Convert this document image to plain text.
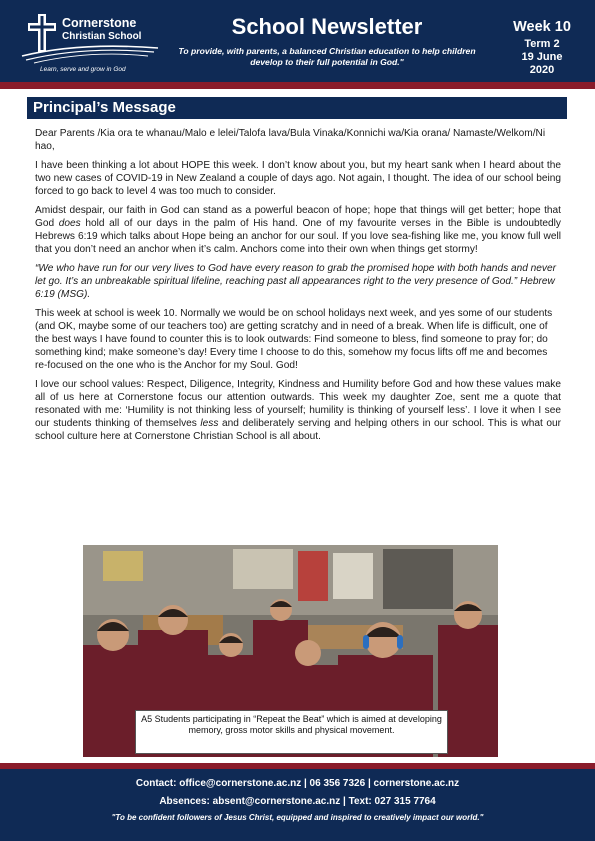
Cornerstone
Christian School
Learn, serve and grow in God
School Newsletter
To provide, with parents, a balanced Christian education to help children develop to their full potential in God."
Week 10
Term 2
19 June
2020
Principal’s Message

Dear Parents /Kia ora te whanau/Malo e lelei/Talofa lava/Bula Vinaka/Konnichi wa/Kia orana/ Namaste/Welkom/Ni hao,

I have been thinking a lot about HOPE this week. I don’t know about you, but my heart sank when I heard about the two new cases of COVID-19 in New Zealand a couple of days ago. Not again, I thought. The idea of our school being forced to go back to level 4 was too much to consider.

Amidst despair, our faith in God can stand as a powerful beacon of hope; hope that things will get better; hope that God does hold all of our days in the palm of His hand. One of my favourite verses in the Bible is undoubtedly Hebrews 6:19 which talks about Hope being an anchor for our soul. If you love sea-fishing like me, you know full well that you don’t need an anchor when it’s calm. Anchors come into their own when things get stormy!

“We who have run for our very lives to God have every reason to grab the promised hope with both hands and never let go. It’s an unbreakable spiritual lifeline, reaching past all appearances right to the very presence of God.” Hebrew 6:19 (MSG).

This week at school is week 10. Normally we would be on school holidays next week, and yes some of our students (and OK, maybe some of our teachers too) are getting scratchy and in need of a break. When life is difficult, one of the best ways I have found to counter this is to look outwards: Find someone to bless, find someone to pray for; do something kind; make someone’s day! Every time I choose to do this, somehow my focus lifts off me and becomes re-focused on the one who is the Anchor for my Soul. God!

I love our school values: Respect, Diligence, Integrity, Kindness and Humility before God and how these values make all of us here at Cornerstone focus our attention outwards. This week my daughter Zoe, sent me a quote that resonated with me: ‘Humility is not thinking less of yourself; humility is thinking of yourself less’. I love it when I see our students thinking of themselves less and deliberately serving and helping others in our school. This is what our school culture here at Cornerstone Christian School is all about.

A5 Students participating in “Repeat the Beat” which is aimed at developing memory, gross motor skills and physical movement.
Contact: office@cornerstone.ac.nz | 06 356 7326 | cornerstone.ac.nz
Absences: absent@cornerstone.ac.nz | Text: 027 315 7764
"To be confident followers of Jesus Christ, equipped and inspired to creatively impact our world."
